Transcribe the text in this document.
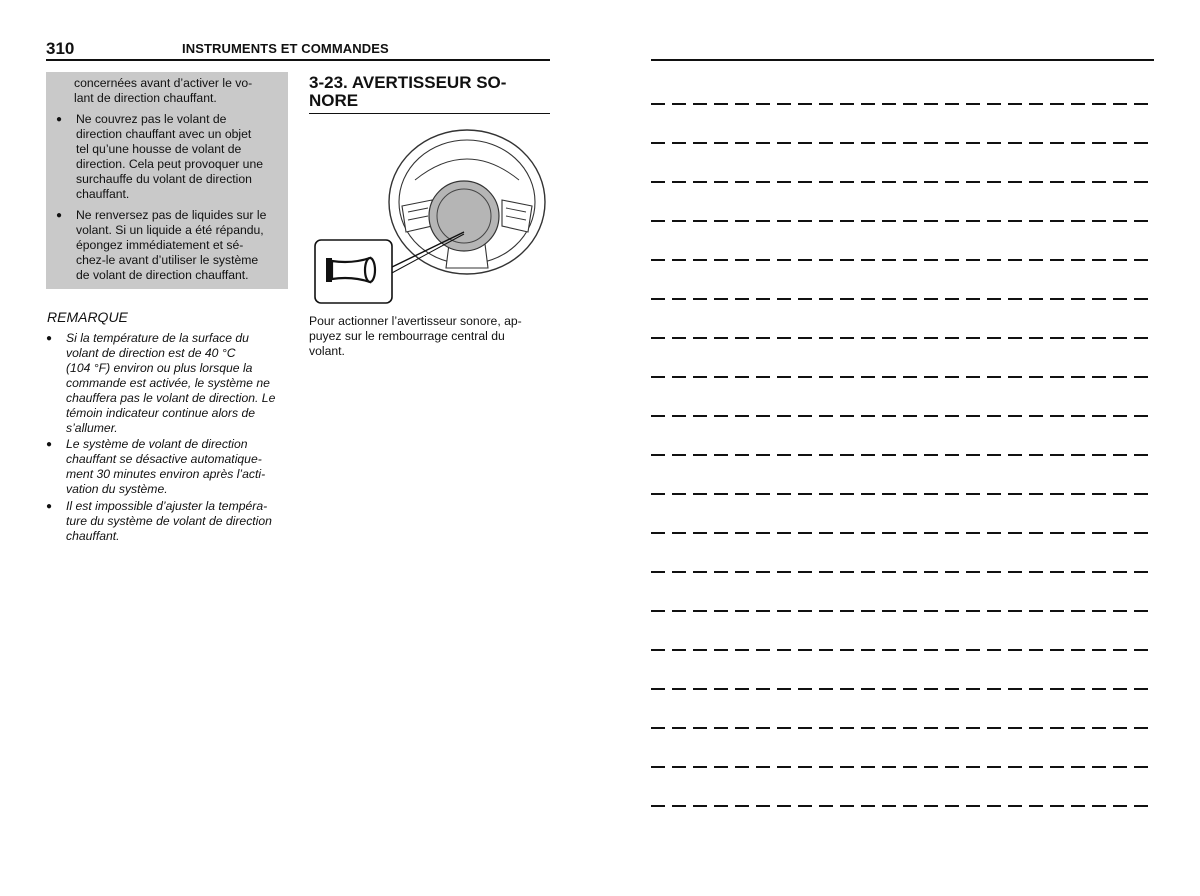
310	INSTRUMENTS ET COMMANDES
concernées avant d’activer le vo-
lant de direction chauffant.
● Ne couvrez pas le volant de
direction chauffant avec un objet
tel qu’une housse de volant de
direction. Cela peut provoquer une
surchauffe du volant de direction
chauffant.
● Ne renversez pas de liquides sur le
volant. Si un liquide a été répandu,
épongez immédiatement et sé-
chez-le avant d’utiliser le système
de volant de direction chauffant.
REMARQUE
● Si la température de la surface du
volant de direction est de 40 °C
(104 °F) environ ou plus lorsque la
commande est activée, le système ne
chauffera pas le volant de direction. Le
témoin indicateur continue alors de
s’allumer.
● Le système de volant de direction
chauffant se désactive automatique-
ment 30 minutes environ après l’acti-
vation du système.
● Il est impossible d’ajuster la tempéra-
ture du système de volant de direction
chauffant.
3-23. AVERTISSEUR SO-
NORE
Pour actionner l’avertisseur sonore, ap-
puyez sur le rembourrage central du
volant.
